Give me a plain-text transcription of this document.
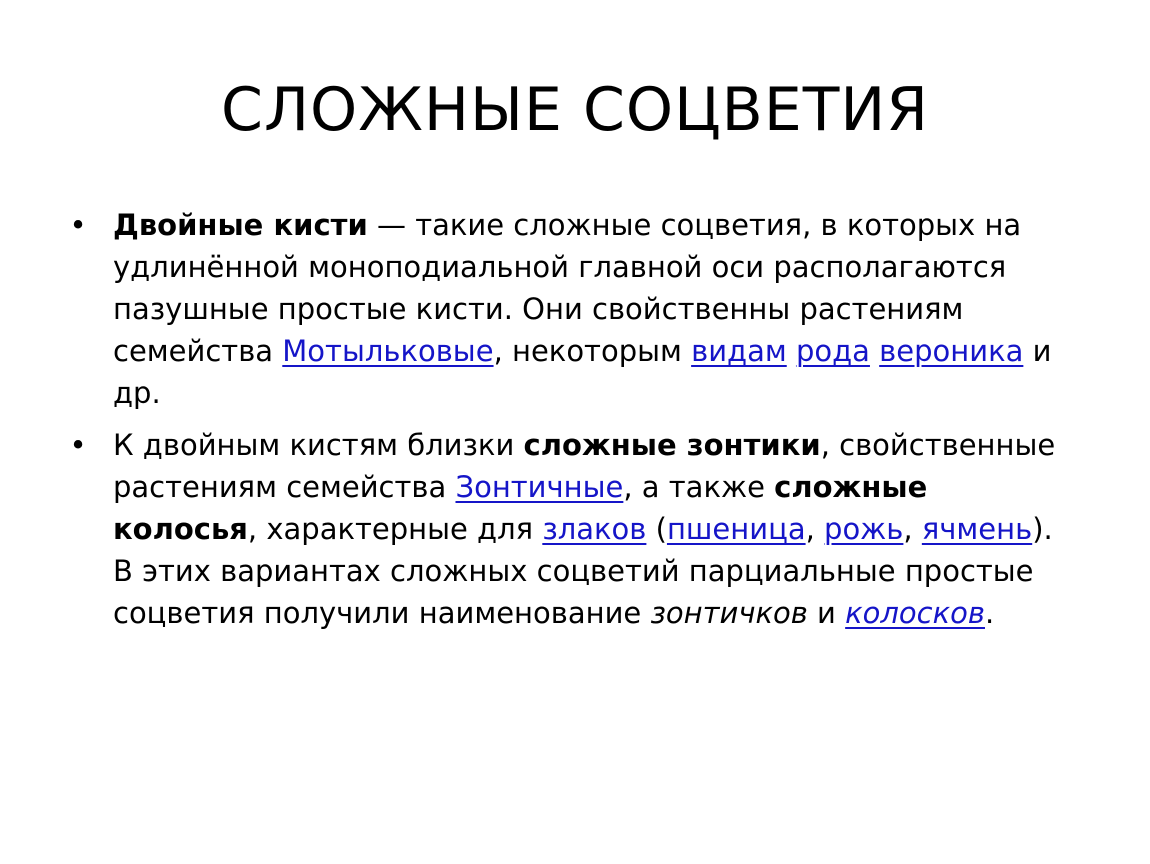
СЛОЖНЫЕ СОЦВЕТИЯ
• Двойные кисти — такие сложные соцветия, в которых на удлинённой моноподиальной главной оси располагаются пазушные простые кисти. Они свойственны растениям семейства Мотыльковые, некоторым видам рода вероника и др.
• К двойным кистям близки сложные зонтики, свойственные растениям семейства Зонтичные, а также сложные колосья, характерные для злаков (пшеница, рожь, ячмень). В этих вариантах сложных соцветий парциальные простые соцветия получили наименование зонтичков и колосков.
